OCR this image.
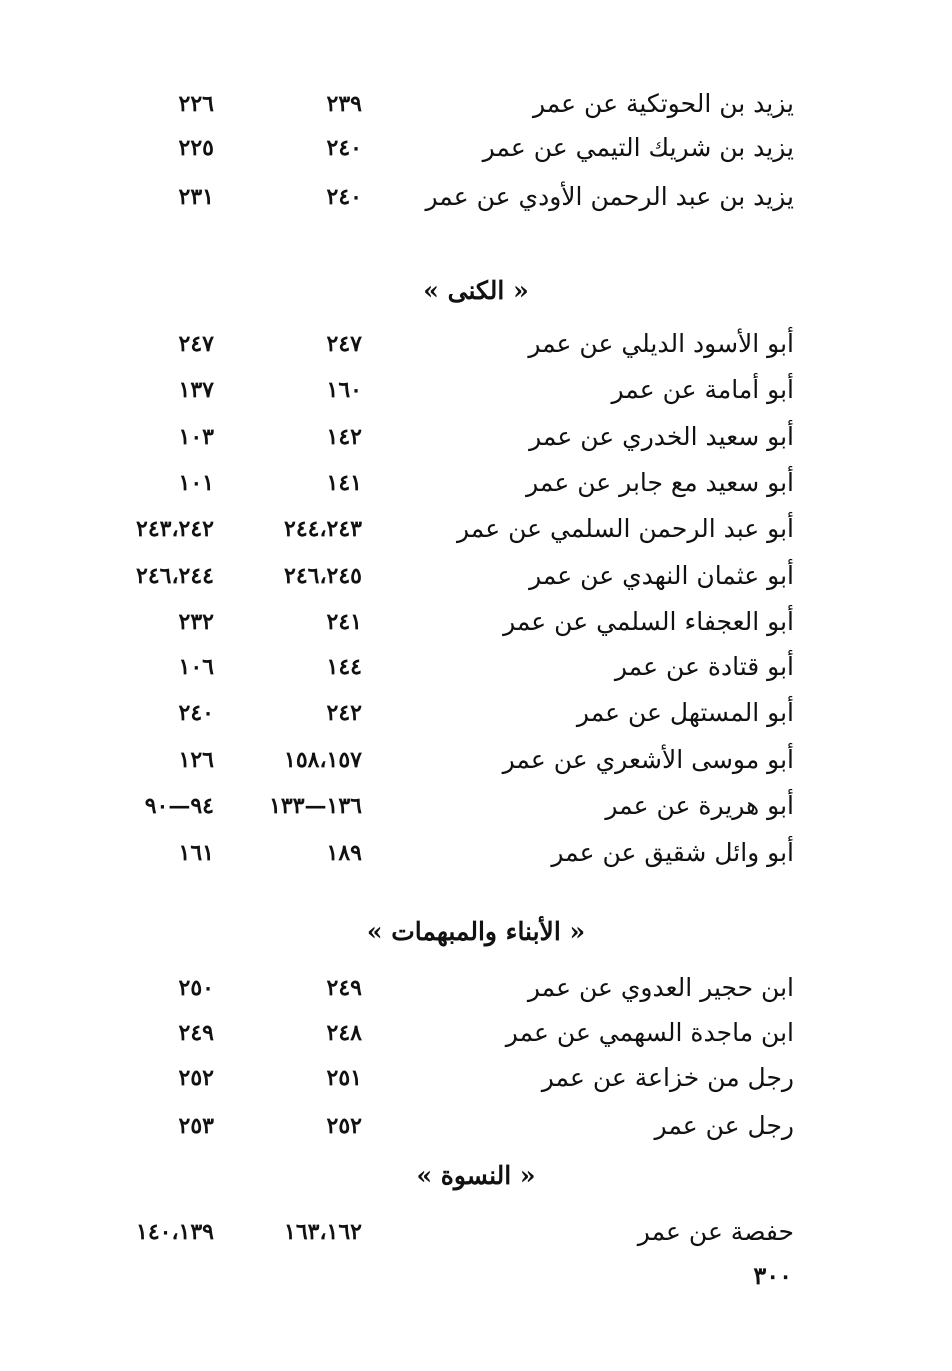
يزيد بن الحوتكية عن عمر
٢٣٩
٢٢٦
يزيد بن شريك التيمي عن عمر
٢٤٠
٢٢٥
يزيد بن عبد الرحمن الأودي عن عمر
٢٤٠
٢٣١
« الكنى »
أبو الأسود الديلي عن عمر
٢٤٧
٢٤٧
أبو أمامة عن عمر
١٦٠
١٣٧
أبو سعيد الخدري عن عمر
١٤٢
١٠٣
أبو سعيد مع جابر عن عمر
١٤١
١٠١
أبو عبد الرحمن السلمي عن عمر
٢٤٤،٢٤٣
٢٤٣،٢٤٢
أبو عثمان النهدي عن عمر
٢٤٦،٢٤٥
٢٤٦،٢٤٤
أبو العجفاء السلمي عن عمر
٢٤١
٢٣٢
أبو قتادة عن عمر
١٤٤
١٠٦
أبو المستهل عن عمر
٢٤٢
٢٤٠
أبو موسى الأشعري عن عمر
١٥٨،١٥٧
١٢٦
أبو هريرة عن عمر
١٣٦—١٣٣
٩٤—٩٠
أبو وائل شقيق عن عمر
١٨٩
١٦١
« الأبناء والمبهمات »
ابن حجير العدوي عن عمر
٢٤٩
٢٥٠
ابن ماجدة السهمي عن عمر
٢٤٨
٢٤٩
رجل من خزاعة عن عمر
٢٥١
٢٥٢
رجل عن عمر
٢٥٢
٢٥٣
« النسوة »
حفصة عن عمر
١٦٣،١٦٢
١٤٠،١٣٩
٣٠٠
